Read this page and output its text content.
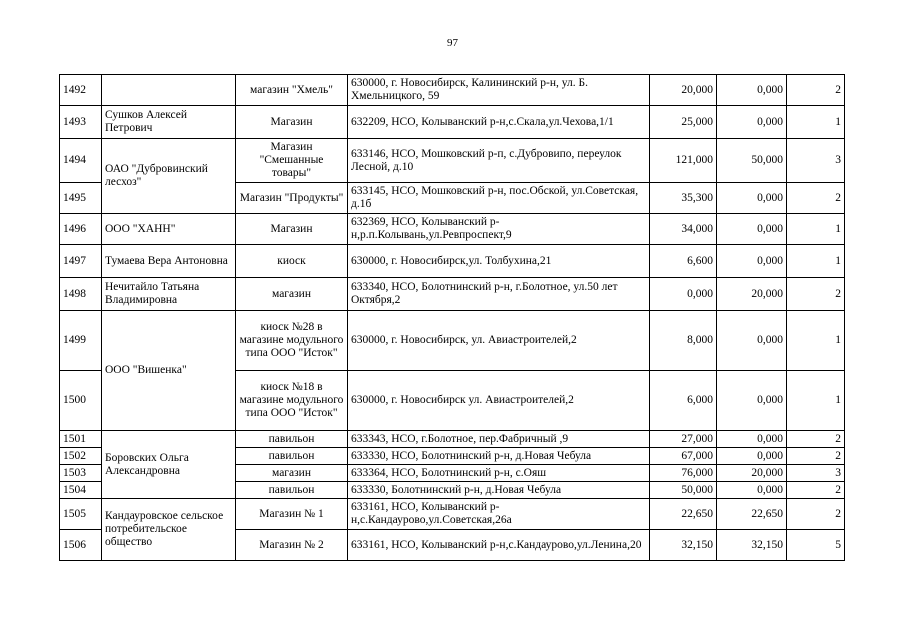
97
1492		магазин "Хмель"	630000, г. Новосибирск, Калининский р-н, ул. Б. Хмельницкого, 59	20,000	0,000	2
1493	Сушков Алексей Петрович	Магазин	632209, НСО, Колыванский р-н,с.Скала,ул.Чехова,1/1	25,000	0,000	1
1494	ОАО "Дубровинский лесхоз"	Магазин "Смешанные товары"	633146, НСО, Мошковский р-п, с.Дубровипо, переулок Лесной, д.10	121,000	50,000	3
1495		Магазин "Продукты"	633145, НСО, Мошковский р-н, пос.Обской, ул.Советская, д.1б	35,300	0,000	2
1496	ООО "ХАНН"	Магазин	632369, НСО, Колыванский р-н,р.п.Колывань,ул.Ревпроспект,9	34,000	0,000	1
1497	Тумаева Вера Антоновна	киоск	630000, г. Новосибирск,ул. Толбухина,21	6,600	0,000	1
1498	Нечитайло Татьяна Владимировна	магазин	633340, НСО, Болотнинский р-н, г.Болотное, ул.50 лет Октября,2	0,000	20,000	2
1499	ООО "Вишенка"	киоск №28 в магазине модульного типа ООО "Исток"	630000, г. Новосибирск, ул. Авиастроителей,2	8,000	0,000	1
1500		киоск №18 в магазине модульного типа ООО "Исток"	630000, г. Новосибирск ул. Авиастроителей,2	6,000	0,000	1
1501	Боровских Ольга Александровна	павильон	633343, НСО, г.Болотное, пер.Фабричный ,9	27,000	0,000	2
1502		павильон	633330, НСО, Болотнинский р-н, д.Новая Чебула	67,000	0,000	2
1503		магазин	633364, НСО, Болотнинский р-н, с.Ояш	76,000	20,000	3
1504		павильон	633330, Болотнинский р-н, д.Новая Чебула	50,000	0,000	2
1505	Кандауровское сельское потребительское общество	Магазин № 1	633161, НСО, Колыванский р-н,с.Кандаурово,ул.Советская,26а	22,650	22,650	2
1506		Магазин № 2	633161, НСО, Колыванский р-н,с.Кандаурово,ул.Ленина,20	32,150	32,150	5
